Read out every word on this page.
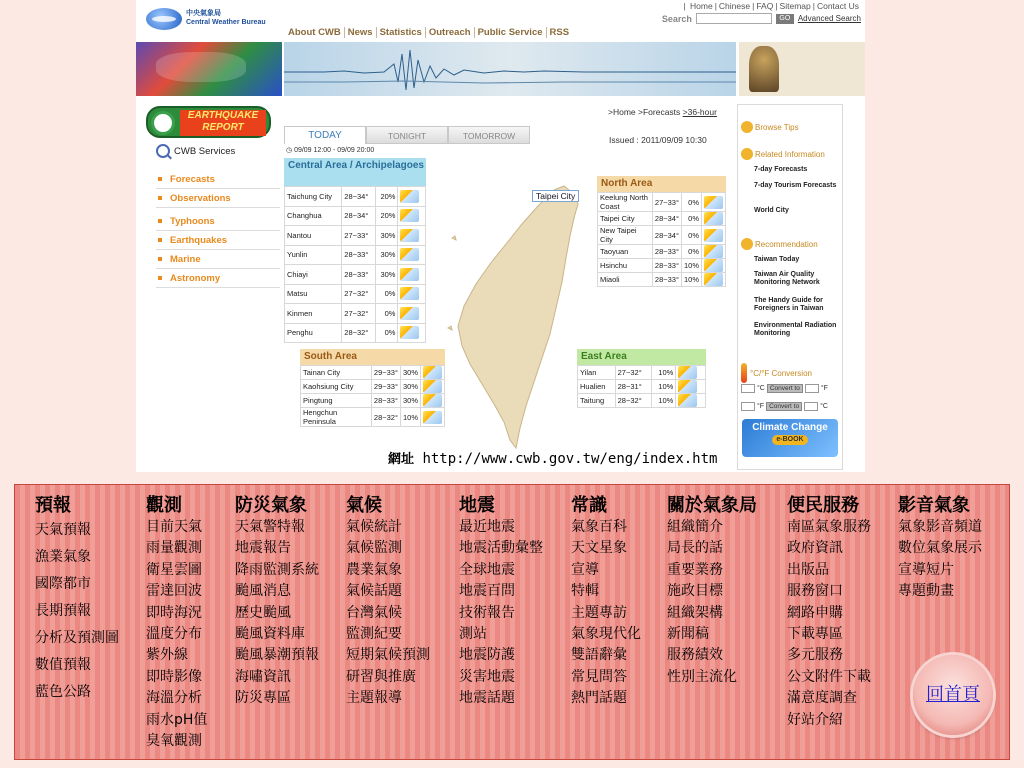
中央氣象局
Central Weather Bureau
| Home | Chinese | FAQ | Sitemap | Contact Us
Search	GO Advanced Search
About CWB News Statistics Outreach Public Service RSS
EARTHQUAKE REPORT
CWB Services
Forecasts
Observations
Typhoons
Earthquakes
Marine
Astronomy
>Home >Forecasts >36-hour
TODAY	TONIGHT	TOMORROW
◷ 09/09 12:00 - 09/09 20:00
Issued : 2011/09/09 10:30
Central Area / Archipelagoes
Taichung City	28~34°	20%	
Changhua	28~34°	20%	
Nantou	27~33°	30%	
Yunlin	28~33°	30%	
Chiayi	28~33°	30%	
Matsu	27~32°	0%	
Kinmen	27~32°	0%	
Penghu	28~32°	0%	
North Area
Keelung North Coast	27~33°	0%	
Taipei City	28~34°	0%	
New Taipei City	28~34°	0%	
Taoyuan	28~33°	0%	
Hsinchu	28~33°	10%	
Miaoli	28~33°	10%	
South Area
Tainan City	29~33°	30%	
Kaohsiung City	29~33°	30%	
Pingtung	28~33°	30%	
Hengchun Peninsula	28~32°	10%	
East Area
Yilan	27~32°	10%	
Hualien	28~31°	10%	
Taitung	28~32°	10%	
Taipei City
網址 http://www.cwb.gov.tw/eng/index.htm
Browse Tips
Related Information
7-day Forecasts
7-day Tourism Forecasts
World City
Recommendation
Taiwan Today
Taiwan Air Quality Monitoring Network
The Handy Guide for Foreigners in Taiwan
Environmental Radiation Monitoring
°C/°F Conversion
°C Convert to	°F
°F Convert to	°C
Climate Change
e-BOOK
預報
天氣預報
漁業氣象
國際都市
長期預報
分析及預測圖
數值預報
藍色公路
觀測
目前天氣
雨量觀測
衛星雲圖
雷達回波
即時海況
溫度分布
紫外線
即時影像
海溫分析
雨水pH值
臭氧觀測
防災氣象
天氣警特報
地震報告
降雨監測系統
颱風消息
歷史颱風
颱風資料庫
颱風暴潮預報
海嘯資訊
防災專區
氣候
氣候統計
氣候監測
農業氣象
氣候話題
台灣氣候
監測紀要
短期氣候預測
研習與推廣
主題報導
地震
最近地震
地震活動彙整
全球地震
地震百問
技術報告
測站
地震防護
災害地震
地震話題
常識
氣象百科
天文星象
宣導
特輯
主題專訪
氣象現代化
雙語辭彙
常見問答
熱門話題
關於氣象局
組織簡介
局長的話
重要業務
施政目標
組織架構
新聞稿
服務績效
性別主流化
便民服務
南區氣象服務
政府資訊
出版品
服務窗口
網路申購
下載專區
多元服務
公文附件下載
滿意度調查
好站介紹
影音氣象
氣象影音頻道
數位氣象展示
宣導短片
專題動畫
回首頁
